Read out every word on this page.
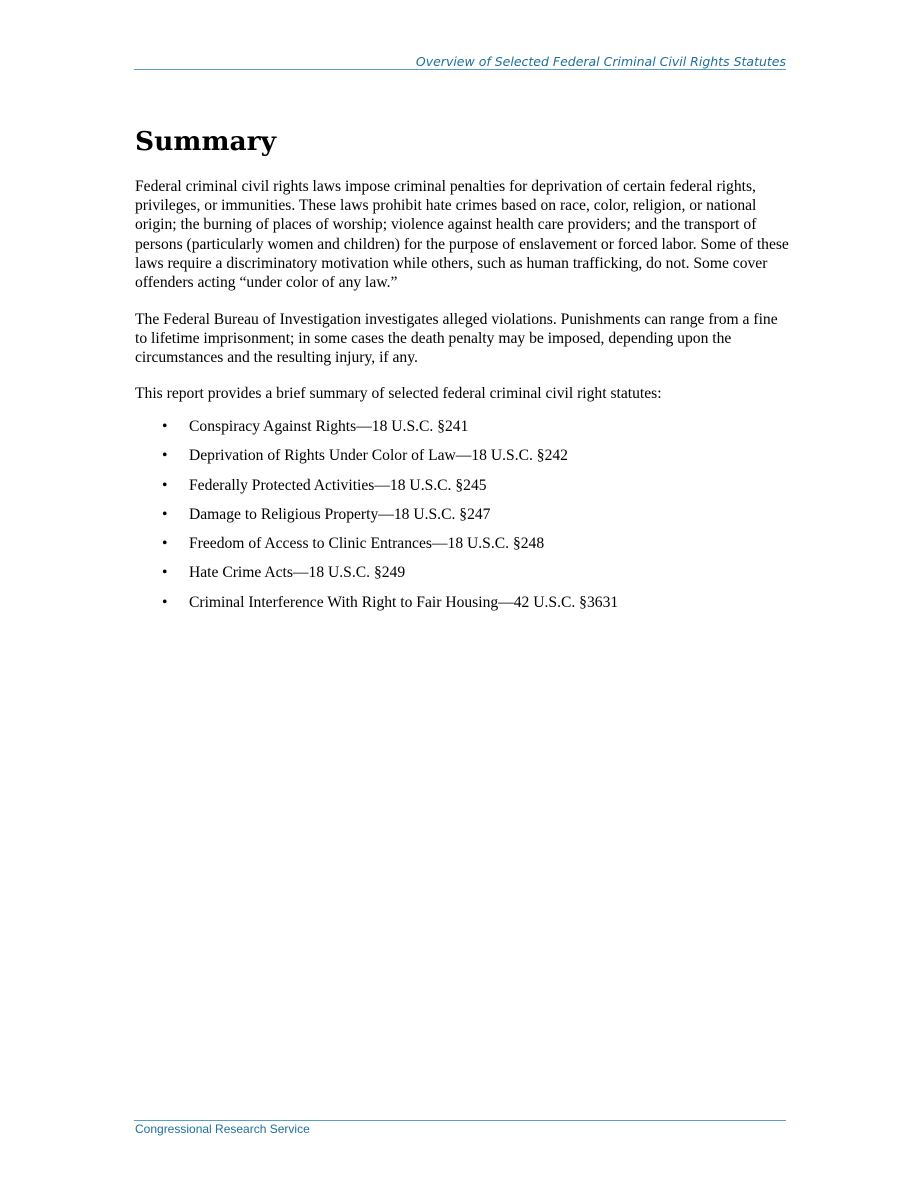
Overview of Selected Federal Criminal Civil Rights Statutes
Summary

Federal criminal civil rights laws impose criminal penalties for deprivation of certain federal rights, privileges, or immunities. These laws prohibit hate crimes based on race, color, religion, or national origin; the burning of places of worship; violence against health care providers; and the transport of persons (particularly women and children) for the purpose of enslavement or forced labor. Some of these laws require a discriminatory motivation while others, such as human trafficking, do not. Some cover offenders acting “under color of any law.”

The Federal Bureau of Investigation investigates alleged violations. Punishments can range from a fine to lifetime imprisonment; in some cases the death penalty may be imposed, depending upon the circumstances and the resulting injury, if any.

This report provides a brief summary of selected federal criminal civil right statutes:

• Conspiracy Against Rights—18 U.S.C. §241
• Deprivation of Rights Under Color of Law—18 U.S.C. §242
• Federally Protected Activities—18 U.S.C. §245
• Damage to Religious Property—18 U.S.C. §247
• Freedom of Access to Clinic Entrances—18 U.S.C. §248
• Hate Crime Acts—18 U.S.C. §249
• Criminal Interference With Right to Fair Housing—42 U.S.C. §3631
Congressional Research Service
